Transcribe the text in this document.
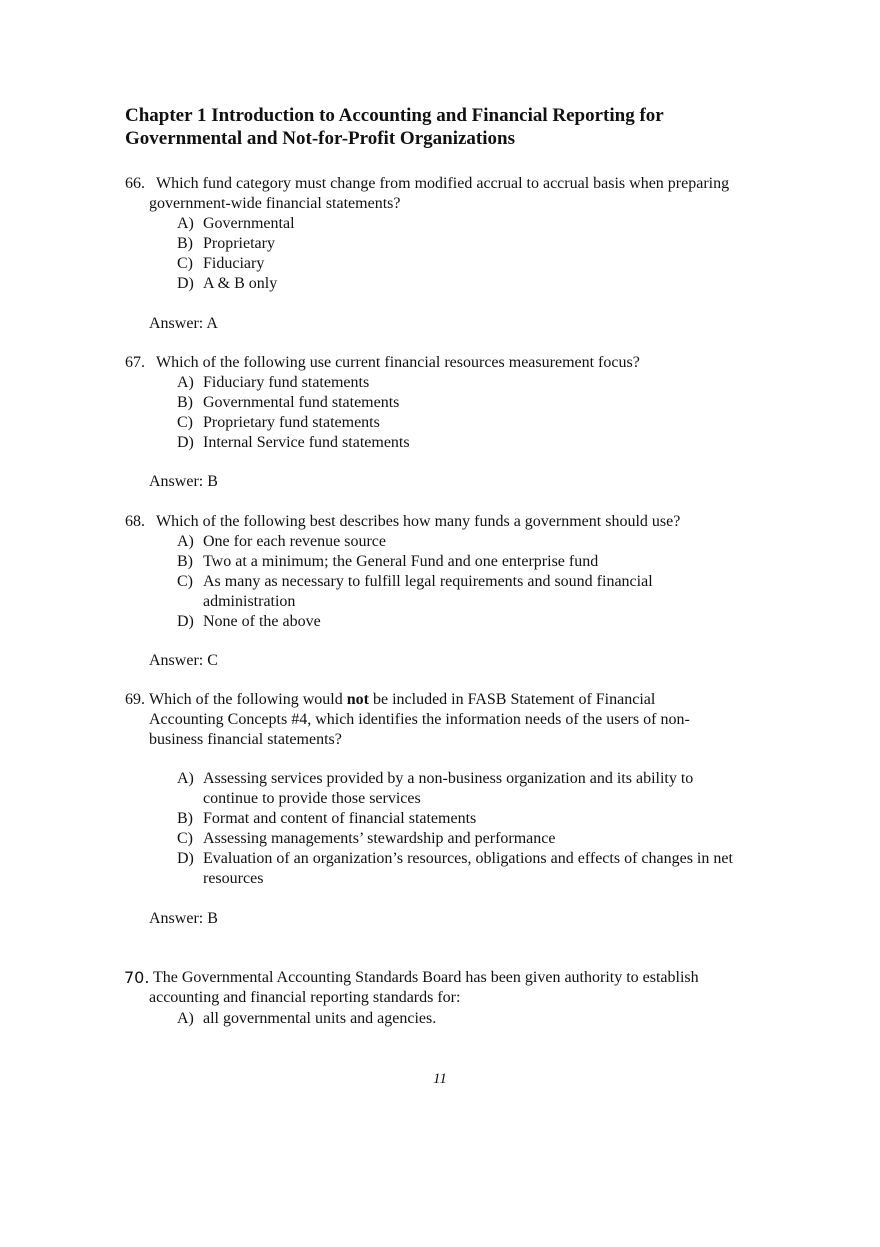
Chapter 1 Introduction to Accounting and Financial Reporting for
Governmental and Not-for-Profit Organizations
66. Which fund category must change from modified accrual to accrual basis when preparing
government-wide financial statements?
A) Governmental
B) Proprietary
C) Fiduciary
D) A & B only
Answer: A
67. Which of the following use current financial resources measurement focus?
A) Fiduciary fund statements
B) Governmental fund statements
C) Proprietary fund statements
D) Internal Service fund statements
Answer: B
68. Which of the following best describes how many funds a government should use?
A) One for each revenue source
B) Two at a minimum; the General Fund and one enterprise fund
C) As many as necessary to fulfill legal requirements and sound financial
administration
D) None of the above
Answer: C
69. Which of the following would not be included in FASB Statement of Financial
Accounting Concepts #4, which identifies the information needs of the users of non-
business financial statements?
A) Assessing services provided by a non-business organization and its ability to
continue to provide those services
B) Format and content of financial statements
C) Assessing managements’ stewardship and performance
D) Evaluation of an organization’s resources, obligations and effects of changes in net
resources
Answer: B
70. The Governmental Accounting Standards Board has been given authority to establish
accounting and financial reporting standards for:
A) all governmental units and agencies.
11
